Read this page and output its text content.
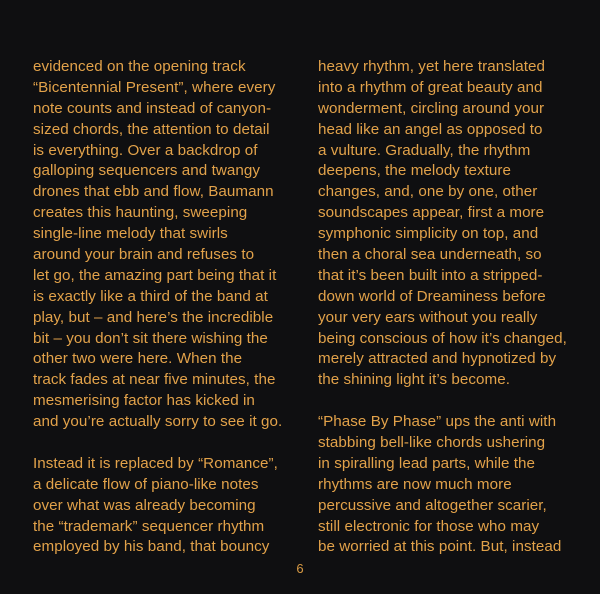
evidenced on the opening track
“Bicentennial Present”, where every
note counts and instead of canyon-
sized chords, the attention to detail
is everything. Over a backdrop of
galloping sequencers and twangy
drones that ebb and flow, Baumann
creates this haunting, sweeping
single-line melody that swirls
around your brain and refuses to
let go, the amazing part being that it
is exactly like a third of the band at
play, but – and here’s the incredible
bit – you don’t sit there wishing the
other two were here. When the
track fades at near five minutes, the
mesmerising factor has kicked in
and you’re actually sorry to see it go.
Instead it is replaced by “Romance”,
a delicate flow of piano-like notes
over what was already becoming
the “trademark” sequencer rhythm
employed by his band, that bouncy
heavy rhythm, yet here translated
into a rhythm of great beauty and
wonderment, circling around your
head like an angel as opposed to
a vulture. Gradually, the rhythm
deepens, the melody texture
changes, and, one by one, other
soundscapes appear, first a more
symphonic simplicity on top, and
then a choral sea underneath, so
that it’s been built into a stripped-
down world of Dreaminess before
your very ears without you really
being conscious of how it’s changed,
merely attracted and hypnotized by
the shining light it’s become.
“Phase By Phase” ups the anti with
stabbing bell-like chords ushering
in spiralling lead parts, while the
rhythms are now much more
percussive and altogether scarier,
still electronic for those who may
be worried at this point. But, instead
6
